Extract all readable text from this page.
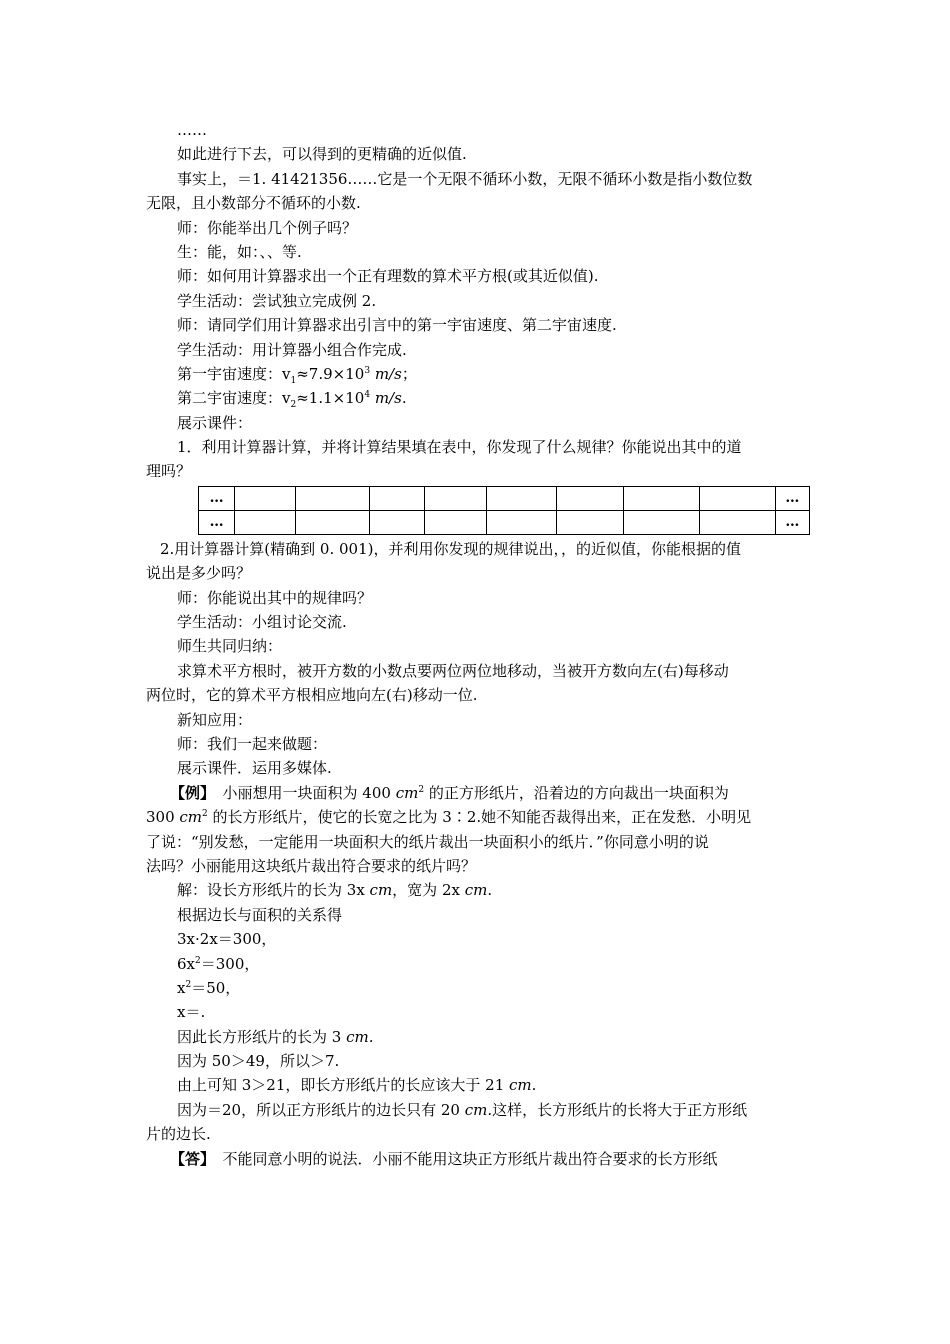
……
如此进行下去，可以得到的更精确的近似值.
事实上，＝1. 41421356……它是一个无限不循环小数，无限不循环小数是指小数位数
无限，且小数部分不循环的小数.
师：你能举出几个例子吗？
生：能，如：、、等.
师：如何用计算器求出一个正有理数的算术平方根(或其近似值).
学生活动：尝试独立完成例 2.
师：请同学们用计算器求出引言中的第一宇宙速度、第二宇宙速度.
学生活动：用计算器小组合作完成.
第一宇宙速度：$v_1\approx 7.9\times 10^3$ m/s；
第二宇宙速度：$v_2\approx 1.1\times 10^4$ m/s.
展示课件：
1．利用计算器计算，并将计算结果填在表中，你发现了什么规律？你能说出其中的道
理吗？
…									…
…									…
2.用计算器计算(精确到 0. 001)，并利用你发现的规律说出，，的近似值，你能根据的值
说出是多少吗？
师：你能说出其中的规律吗？
学生活动：小组讨论交流.
师生共同归纳：
求算术平方根时，被开方数的小数点要两位两位地移动，当被开方数向左(右)每移动
两位时，它的算术平方根相应地向左(右)移动一位.
新知应用：
师：我们一起来做题：
展示课件．运用多媒体.
【例】　小丽想用一块面积为 400 $cm^2$ 的正方形纸片，沿着边的方向裁出一块面积为
300 $cm^2$ 的长方形纸片，使它的长宽之比为 3∶2.她不知能否裁得出来，正在发愁．小明见
了说：“别发愁，一定能用一块面积大的纸片裁出一块面积小的纸片．”你同意小明的说
法吗？小丽能用这块纸片裁出符合要求的纸片吗？
解：设长方形纸片的长为 3x cm，宽为 2x cm.
根据边长与面积的关系得
3x·2x＝300，
$6x^2=300$，
$x^2=50$，
x＝.
因此长方形纸片的长为 3 cm.
因为 50＞49，所以＞7.
由上可知 3＞21，即长方形纸片的长应该大于 21 cm.
因为＝20，所以正方形纸片的边长只有 20 cm.这样，长方形纸片的长将大于正方形纸
片的边长.
【答】　不能同意小明的说法．小丽不能用这块正方形纸片裁出符合要求的长方形纸
